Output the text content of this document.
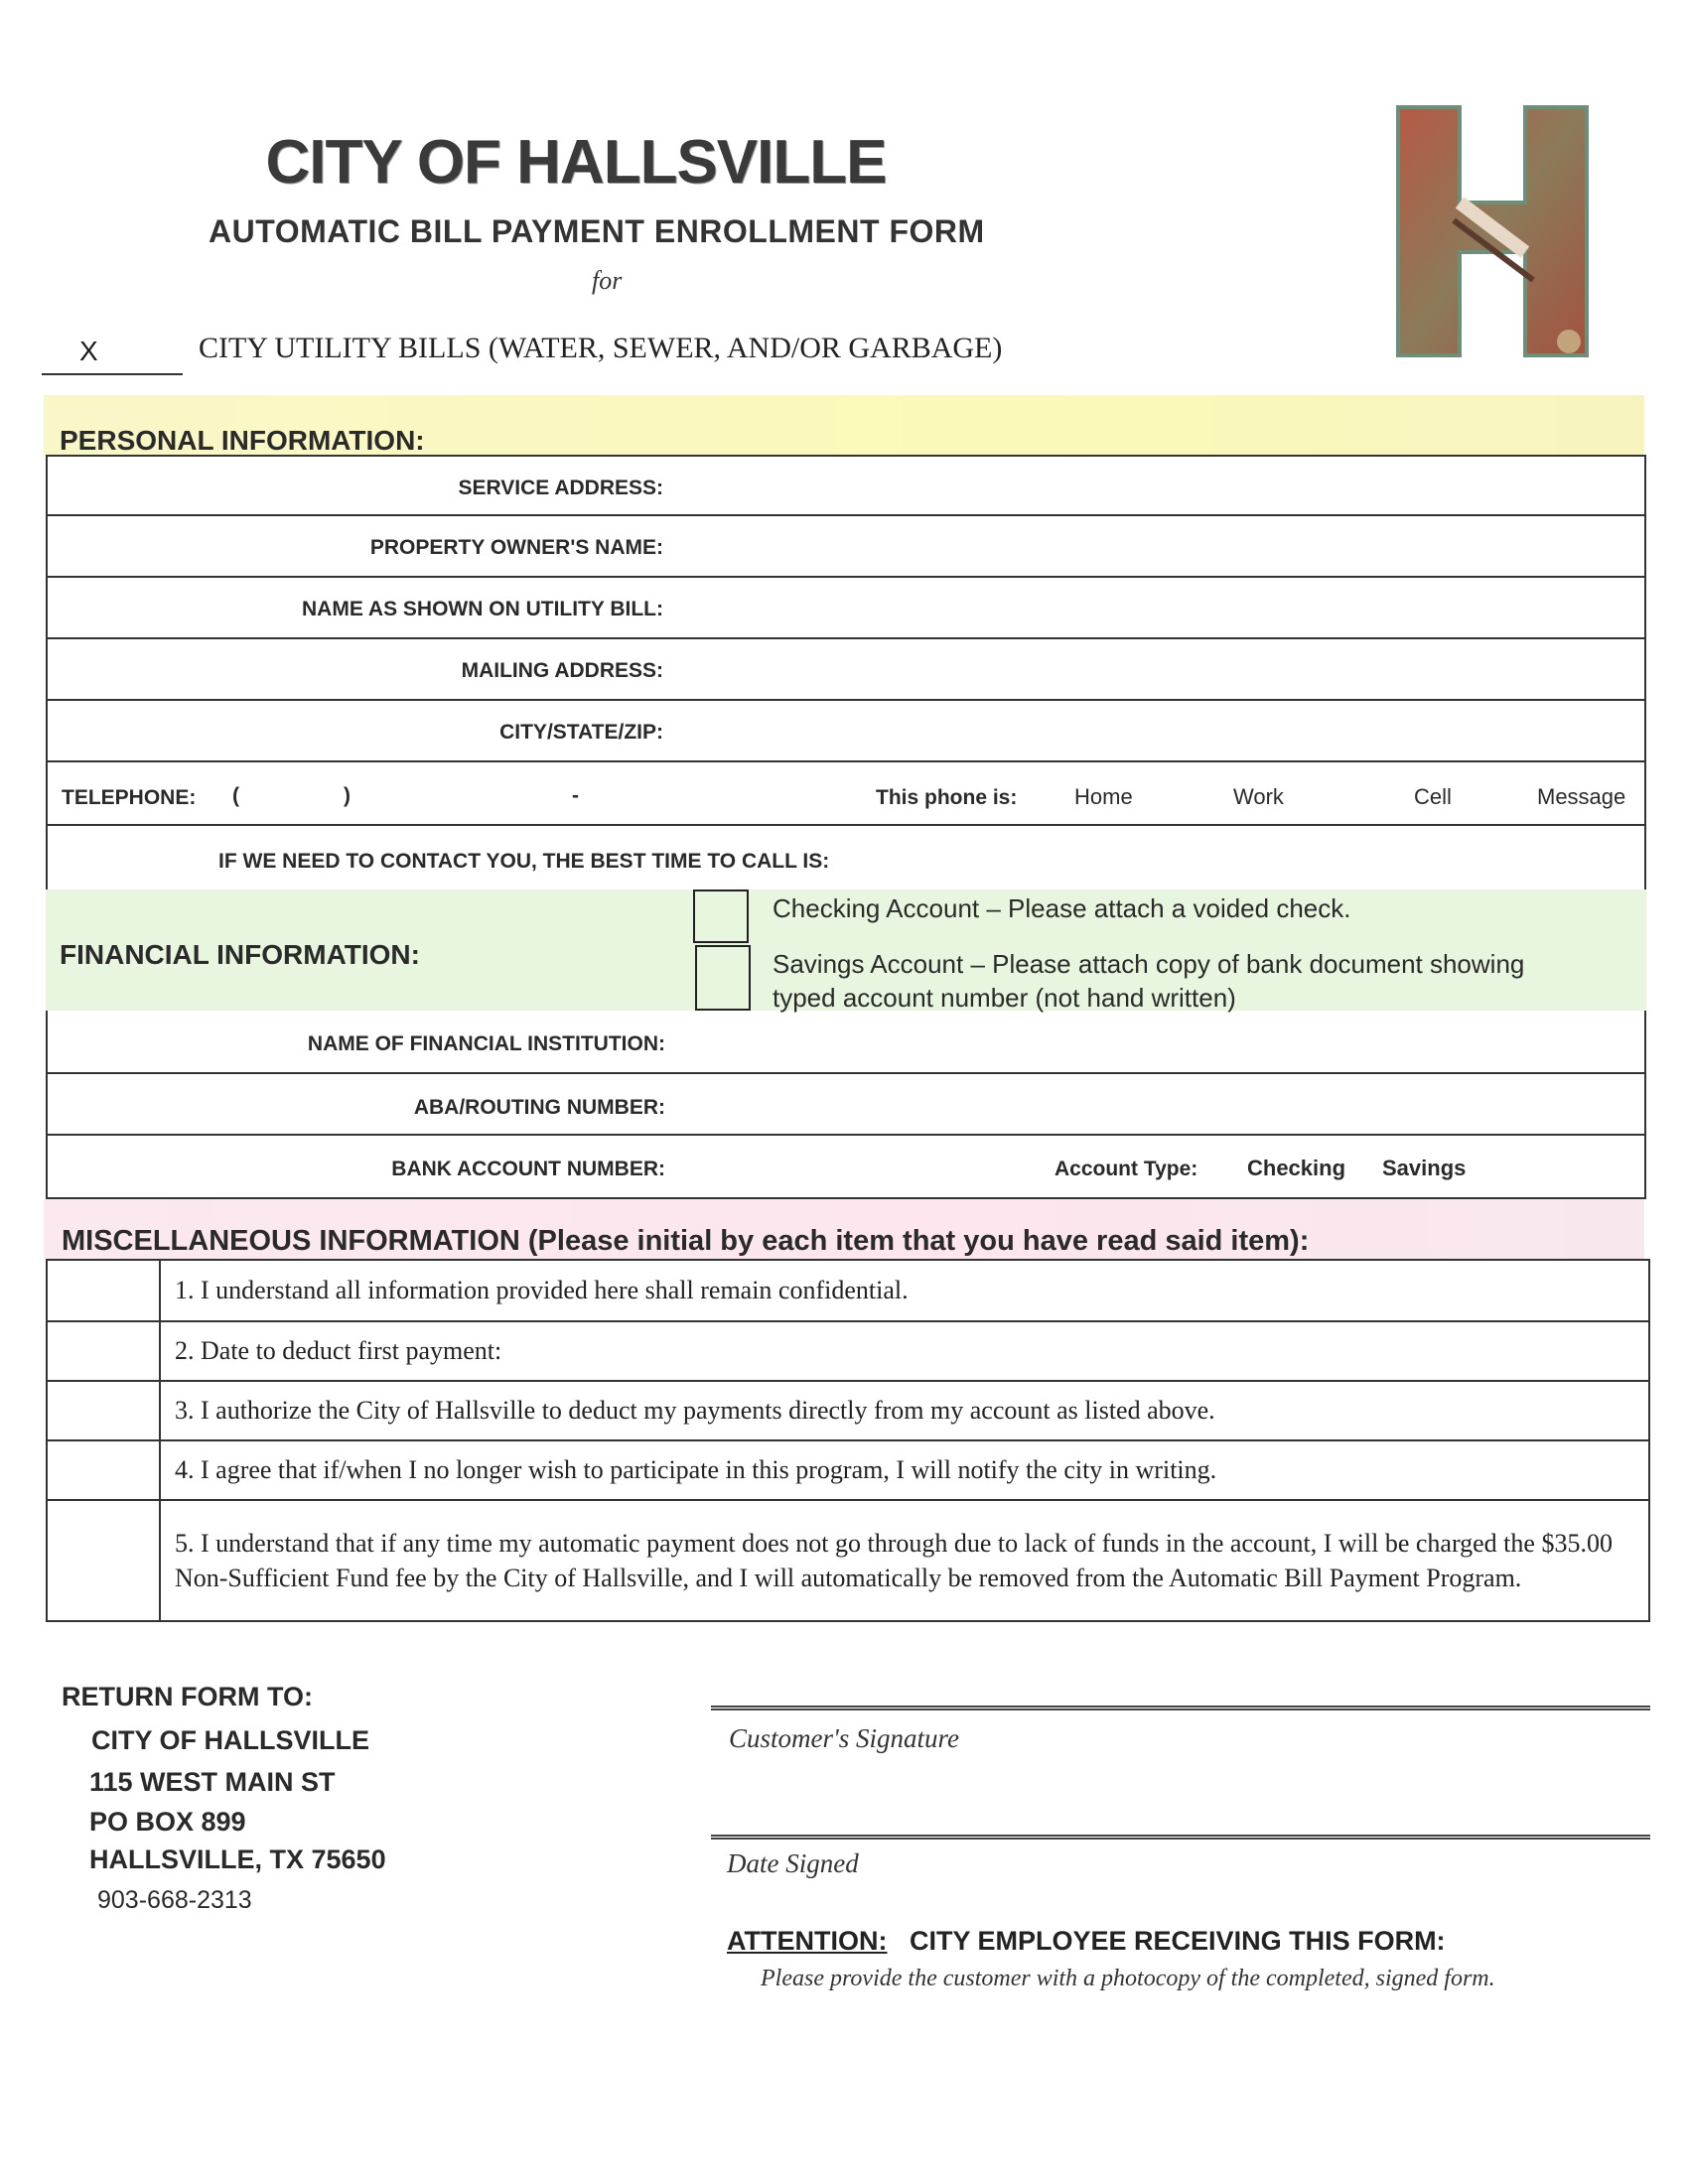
CITY OF HALLSVILLE
AUTOMATIC BILL PAYMENT ENROLLMENT FORM
for
X	CITY UTILITY BILLS (WATER, SEWER, AND/OR GARBAGE)
PERSONAL INFORMATION:
SERVICE ADDRESS:
PROPERTY OWNER'S NAME:
NAME AS SHOWN ON UTILITY BILL:
MAILING ADDRESS:
CITY/STATE/ZIP:
TELEPHONE: (	)	-	This phone is:	Home	Work	Cell	Message
IF WE NEED TO CONTACT YOU, THE BEST TIME TO CALL IS:
FINANCIAL INFORMATION:
Checking Account – Please attach a voided check.
Savings Account – Please attach copy of bank document showing
typed account number (not hand written)
NAME OF FINANCIAL INSTITUTION:
ABA/ROUTING NUMBER:
BANK ACCOUNT NUMBER:	Account Type: Checking Savings
MISCELLANEOUS INFORMATION (Please initial by each item that you have read said item):
	1. I understand all information provided here shall remain confidential.
	2. Date to deduct first payment:
	3. I authorize the City of Hallsville to deduct my payments directly from my account as listed above.
	4. I agree that if/when I no longer wish to participate in this program, I will notify the city in writing.
	5. I understand that if any time my automatic payment does not go through due to lack of funds in the account, I will be charged the $35.00 Non-Sufficient Fund fee by the City of Hallsville, and I will automatically be removed from the Automatic Bill Payment Program.
RETURN FORM TO:
CITY OF HALLSVILLE
115 WEST MAIN ST
PO BOX 899
HALLSVILLE, TX 75650
903-668-2313
Customer's Signature
Date Signed
ATTENTION: CITY EMPLOYEE RECEIVING THIS FORM:
Please provide the customer with a photocopy of the completed, signed form.
